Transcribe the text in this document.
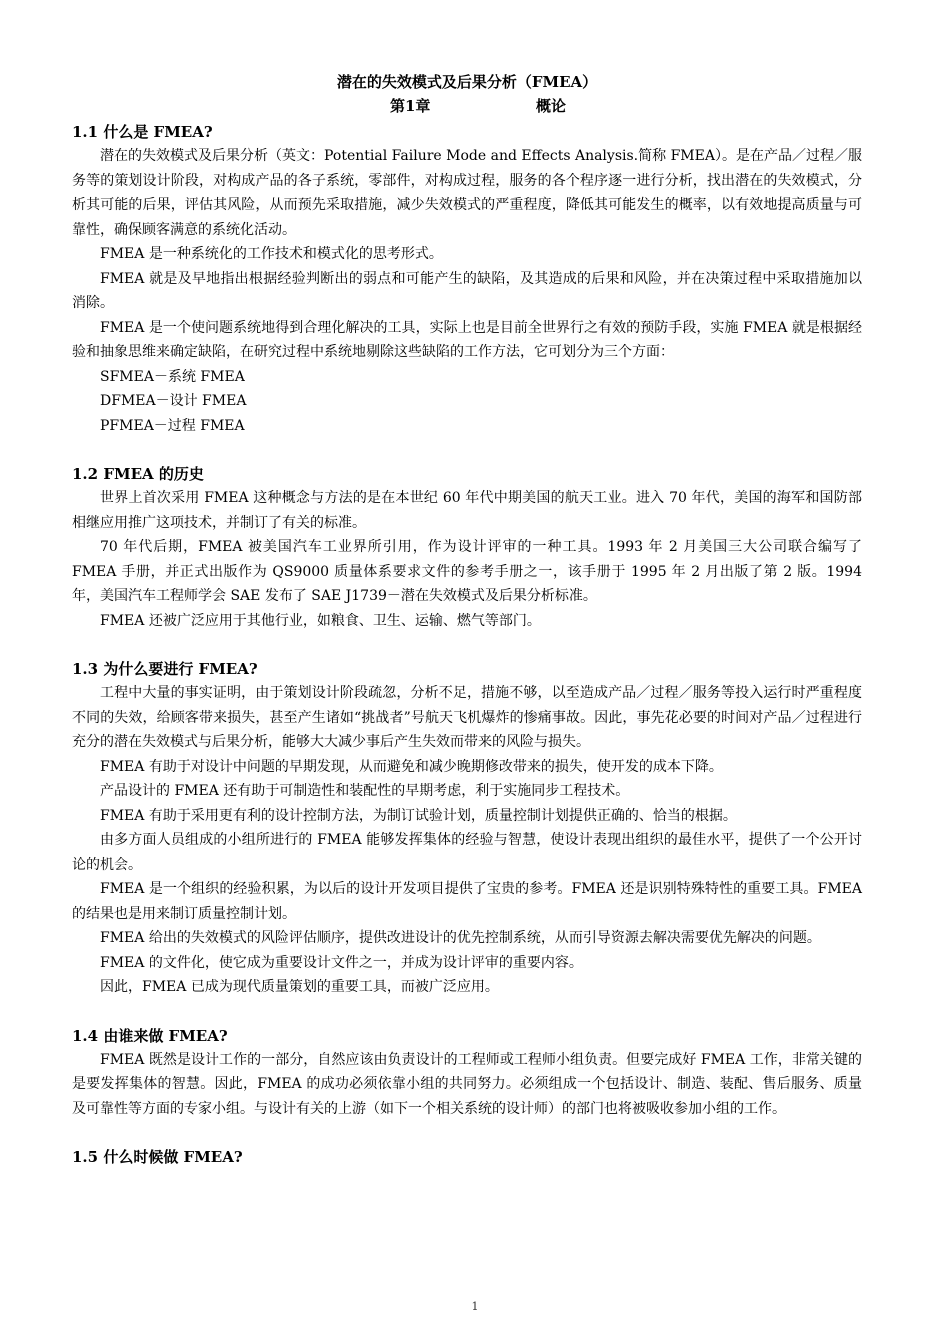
潜在的失效模式及后果分析（FMEA）

第1章	概论
1.1 什么是 FMEA?

潜在的失效模式及后果分析（英文：Potential Failure Mode and Effects Analysis.简称 FMEA）。是在产品／过程／服务等的策划设计阶段，对构成产品的各子系统，零部件，对构成过程，服务的各个程序逐一进行分析，找出潜在的失效模式，分析其可能的后果，评估其风险，从而预先采取措施，减少失效模式的严重程度，降低其可能发生的概率，以有效地提高质量与可靠性，确保顾客满意的系统化活动。

FMEA 是一种系统化的工作技术和模式化的思考形式。

FMEA 就是及早地指出根据经验判断出的弱点和可能产生的缺陷，及其造成的后果和风险，并在决策过程中采取措施加以消除。

FMEA 是一个使问题系统地得到合理化解决的工具，实际上也是目前全世界行之有效的预防手段，实施 FMEA 就是根据经验和抽象思维来确定缺陷，在研究过程中系统地剔除这些缺陷的工作方法，它可划分为三个方面：

SFMEA－系统 FMEA

DFMEA－设计 FMEA

PFMEA－过程 FMEA

1.2 FMEA 的历史

世界上首次采用 FMEA 这种概念与方法的是在本世纪 60 年代中期美国的航天工业。进入 70 年代，美国的海军和国防部相继应用推广这项技术，并制订了有关的标准。

70 年代后期，FMEA 被美国汽车工业界所引用，作为设计评审的一种工具。1993 年 2 月美国三大公司联合编写了 FMEA 手册，并正式出版作为 QS9000 质量体系要求文件的参考手册之一，该手册于 1995 年 2 月出版了第 2 版。1994 年，美国汽车工程师学会 SAE 发布了 SAE J1739－潜在失效模式及后果分析标准。

FMEA 还被广泛应用于其他行业，如粮食、卫生、运输、燃气等部门。

1.3 为什么要进行 FMEA?

工程中大量的事实证明，由于策划设计阶段疏忽，分析不足，措施不够，以至造成产品／过程／服务等投入运行时严重程度不同的失效，给顾客带来损失，甚至产生诸如“挑战者”号航天飞机爆炸的惨痛事故。因此，事先花必要的时间对产品／过程进行充分的潜在失效模式与后果分析，能够大大减少事后产生失效而带来的风险与损失。

FMEA 有助于对设计中问题的早期发现，从而避免和减少晚期修改带来的损失，使开发的成本下降。

产品设计的 FMEA 还有助于可制造性和装配性的早期考虑，利于实施同步工程技术。

FMEA 有助于采用更有利的设计控制方法，为制订试验计划，质量控制计划提供正确的、恰当的根据。

由多方面人员组成的小组所进行的 FMEA 能够发挥集体的经验与智慧，使设计表现出组织的最佳水平，提供了一个公开讨论的机会。

FMEA 是一个组织的经验积累，为以后的设计开发项目提供了宝贵的参考。FMEA 还是识别特殊特性的重要工具。FMEA 的结果也是用来制订质量控制计划。

FMEA 给出的失效模式的风险评估顺序，提供改进设计的优先控制系统，从而引导资源去解决需要优先解决的问题。

FMEA 的文件化，使它成为重要设计文件之一，并成为设计评审的重要内容。

因此，FMEA 已成为现代质量策划的重要工具，而被广泛应用。

1.4 由谁来做 FMEA?

FMEA 既然是设计工作的一部分，自然应该由负责设计的工程师或工程师小组负责。但要完成好 FMEA 工作，非常关键的是要发挥集体的智慧。因此，FMEA 的成功必须依靠小组的共同努力。必须组成一个包括设计、制造、装配、售后服务、质量及可靠性等方面的专家小组。与设计有关的上游（如下一个相关系统的设计师）的部门也将被吸收参加小组的工作。

1.5 什么时候做 FMEA?
1
